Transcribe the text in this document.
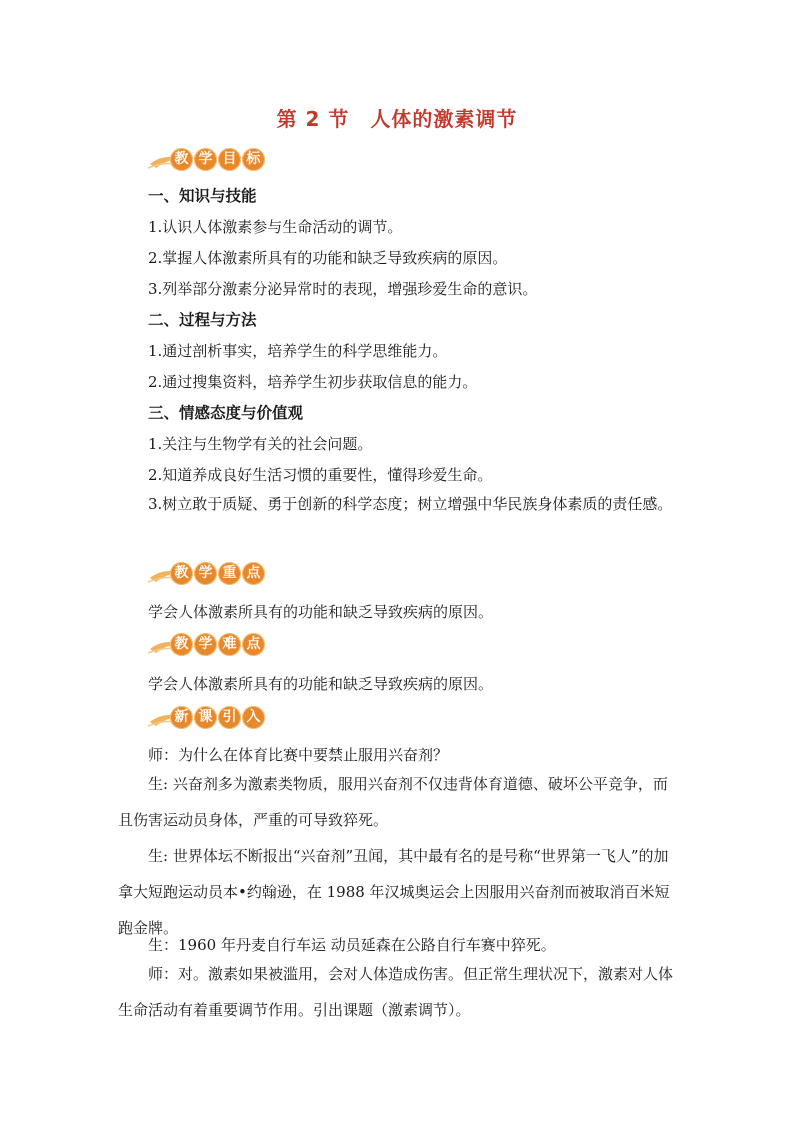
第 2 节　人体的激素调节
教 学 目 标
一、知识与技能
1.认识人体激素参与生命活动的调节。
2.掌握人体激素所具有的功能和缺乏导致疾病的原因。
3.列举部分激素分泌异常时的表现，增强珍爱生命的意识。
二、过程与方法
1.通过剖析事实，培养学生的科学思维能力。
2.通过搜集资料，培养学生初步获取信息的能力。
三、情感态度与价值观
1.关注与生物学有关的社会问题。
2.知道养成良好生活习惯的重要性，懂得珍爱生命。
3.树立敢于质疑、勇于创新的科学态度；树立增强中华民族身体素质的责任感。
教 学 重 点
学会人体激素所具有的功能和缺乏导致疾病的原因。
教 学 难 点
学会人体激素所具有的功能和缺乏导致疾病的原因。
新 课 引 入
师：为什么在体育比赛中要禁止服用兴奋剂？
生: 兴奋剂多为激素类物质，服用兴奋剂不仅违背体育道德、破坏公平竞争，而且伤害运动员身体，严重的可导致猝死。
生: 世界体坛不断报出“兴奋剂”丑闻，其中最有名的是号称“世界第一飞人”的加拿大短跑运动员本•约翰逊，在 1988 年汉城奥运会上因服用兴奋剂而被取消百米短跑金牌。
生：1960 年丹麦自行车运 动员延森在公路自行车赛中猝死。
师：对。激素如果被滥用，会对人体造成伤害。但正常生理状况下，激素对人体生命活动有着重要调节作用。引出课题（激素调节）。
